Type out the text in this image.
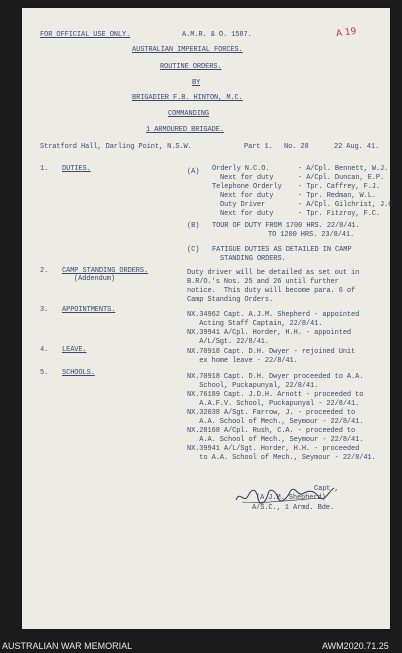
FOR OFFICIAL USE ONLY.	A.M.R. & O. 1587.	A 19
AUSTRALIAN IMPERIAL FORCES.
ROUTINE ORDERS.
BY
BRIGADIER F.B. HINTON, M.C.
COMMANDING
1 ARMOURED BRIGADE.
Stratford Hall, Darling Point, N.S.W.	Part 1. No. 28	22 Aug. 41.
1. DUTIES.	(A) Orderly N.C.O.	- A/Cpl. Bennett, W.J.
Next for duty	- A/Cpl. Duncan, E.P.
Telephone Orderly - Tpr. Caffrey, F.J.
Next for duty	- Tpr. Redman, W.L.
Duty Driver	- A/Cpl. Gilchrist, J.C.
Next for duty	- Tpr. Fitzroy, F.C.
(B) TOUR OF DUTY FROM 1700 HRS. 22/8/41.
TO 1200 HRS. 23/8/41.
(C) FATIGUE DUTIES AS DETAILED IN CAMP
STANDING ORDERS.
2. CAMP STANDING ORDERS.
(Addendum)
Duty driver will be detailed as set out in
B.R/O.'s Nos. 25 and 26 until further
notice.  This duty will become para. 6 of
Camp Standing Orders.
3. APPOINTMENTS.
NX.34962 Capt. A.J.M. Shepherd - appointed
Acting Staff Captain, 22/8/41.
NX.39941 A/Cpl. Horder, H.H. - appointed
A/L/Sgt. 22/8/41.
4. LEAVE.	NX.70918 Capt. D.H. Dwyer - rejoined Unit
ex home leave - 22/8/41.
5. SCHOOLS.	NX.70918 Capt. D.H. Dwyer proceeded to A.A.
School, Puckapunyal, 22/8/41.
NX.76189 Capt. J.D.H. Arnott - proceeded to
A.A.F.V. School, Puckapunyal - 22/8/41.
NX.32038 A/Sgt. Farrow, J. - proceeded to
A.A. School of Mech., Seymour - 22/8/41.
NX.28168 A/Cpl. Rush, C.A. - proceeded to
A.A. School of Mech., Seymour - 22/8/41.
NX.39941 A/L/Sgt. Horder, H.H. - proceeded
to A.A. School of Mech., Seymour - 22/8/41.
Capt.,
(A.J.M. Shepherd)
A/S.C., 1 Armd. Bde.
AUSTRALIAN WAR MEMORIAL	AWM2020.71.25
